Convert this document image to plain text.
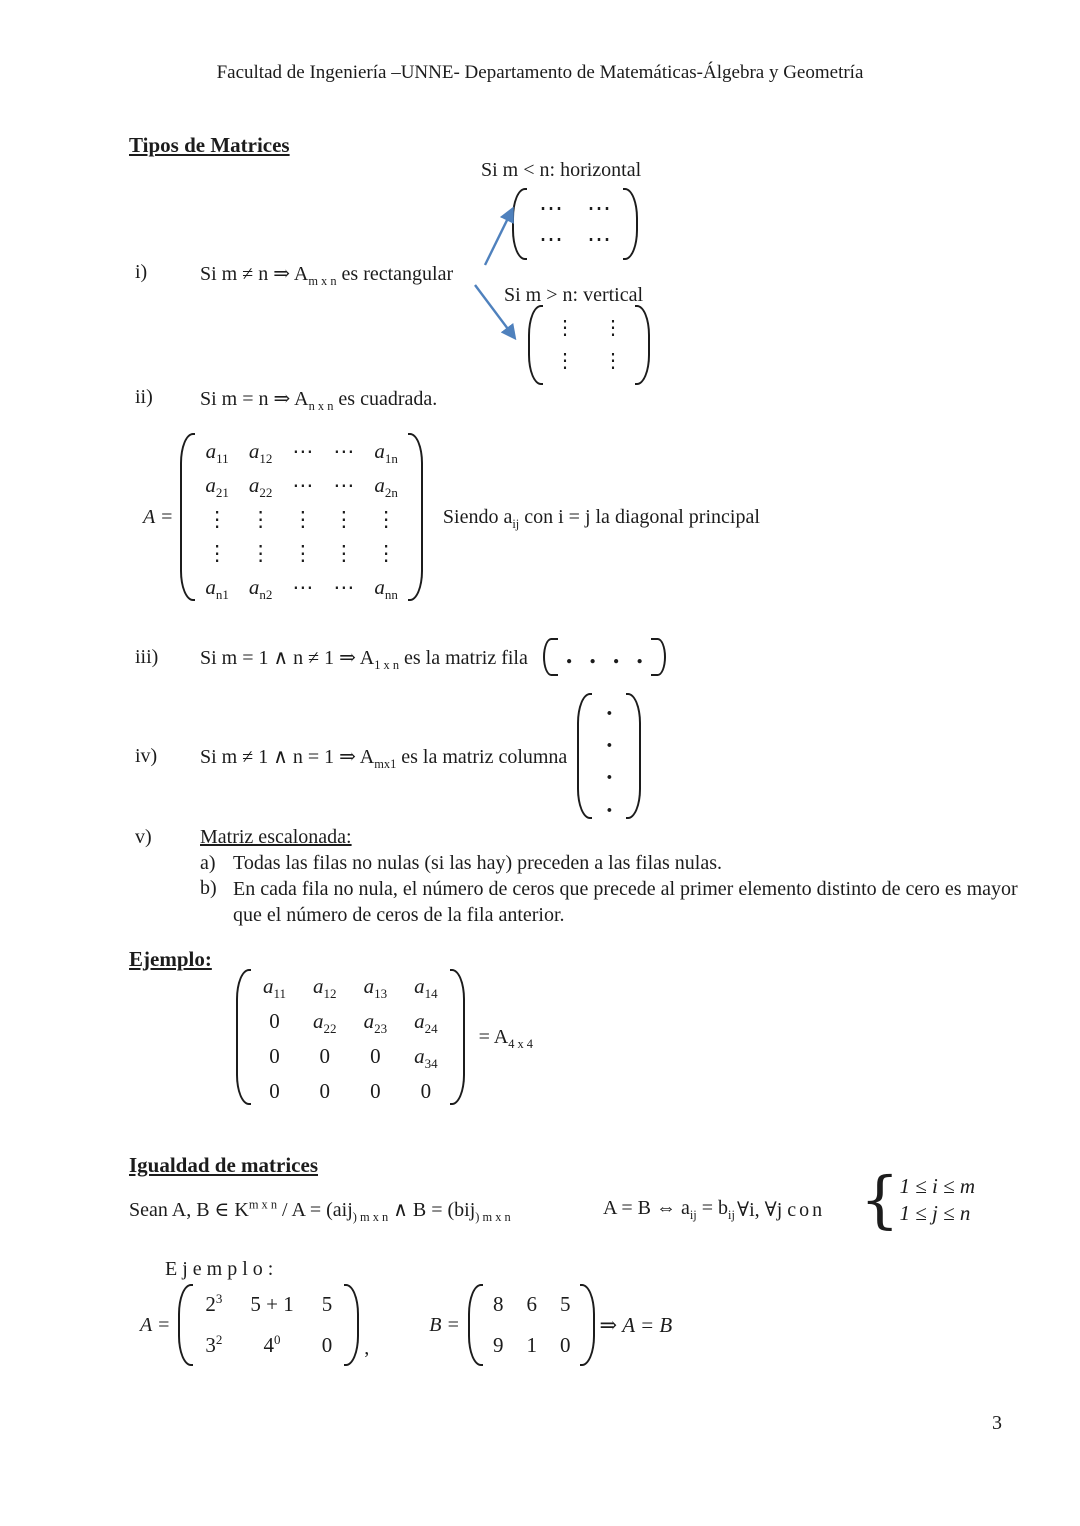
Facultad de Ingeniería –UNNE- Departamento de Matemáticas-Álgebra y Geometría
Tipos de Matrices
Si m < n: horizontal
⋯ ⋯
⋯ ⋯
i)	Si m ≠ n ⇒ $A_{m x n}$ es rectangular
Si m > n: vertical
⋮ ⋮
⋮ ⋮
ii) Si m = n ⇒ $A_{n x n}$ es cuadrada.
A =
$a_{11}$ $a_{12}$ ⋯ ⋯ $a_{1n}$
$a_{21}$ $a_{22}$ ⋯ ⋯ $a_{2n}$
⋮ ⋮ ⋮ ⋮ ⋮
⋮ ⋮ ⋮ ⋮ ⋮
$a_{n1}$ $a_{n2}$ ⋯ ⋯ $a_{nn}$
Siendo $a_{ij}$ con i = j la diagonal principal
iii)	Si m = 1 ∧ n ≠ 1 ⇒ $A_{1 x n}$ es la matriz fila . . . .
iv)	Si m ≠ 1 ∧ n = 1 ⇒ $A_{mx1}$ es la matriz columna
.
.
.
.
v) Matriz escalonada:
a) Todas las filas no nulas (si las hay) preceden a las filas nulas.
b) En cada fila no nula, el número de ceros que precede al primer elemento distinto de cero es mayor que el número de ceros de la fila anterior.
Ejemplo:
$a_{11}$ $a_{12}$ $a_{13}$ $a_{14}$
0 $a_{22}$ $a_{23}$ $a_{24}$
0 0 0 $a_{34}$
0 0 0 0
= $A_{4 x 4}$
Igualdad de matrices
Sean A, B ∈ $K^{m x n} / A = (aij_{) m x n}$ ∧ B = (bij$_{) m x n}$	A = B ⇔ $a_{ij} = b_{ij}$ ∀i, ∀j con { 1 ≤ i ≤ m
1 ≤ j ≤ n
Ejemplo:
A =
$2^3$ 5 + 1 5
$3^2$ $4^0$ 0 ,
B =
8 6 5
9 1 0
⇒ A = B
3
